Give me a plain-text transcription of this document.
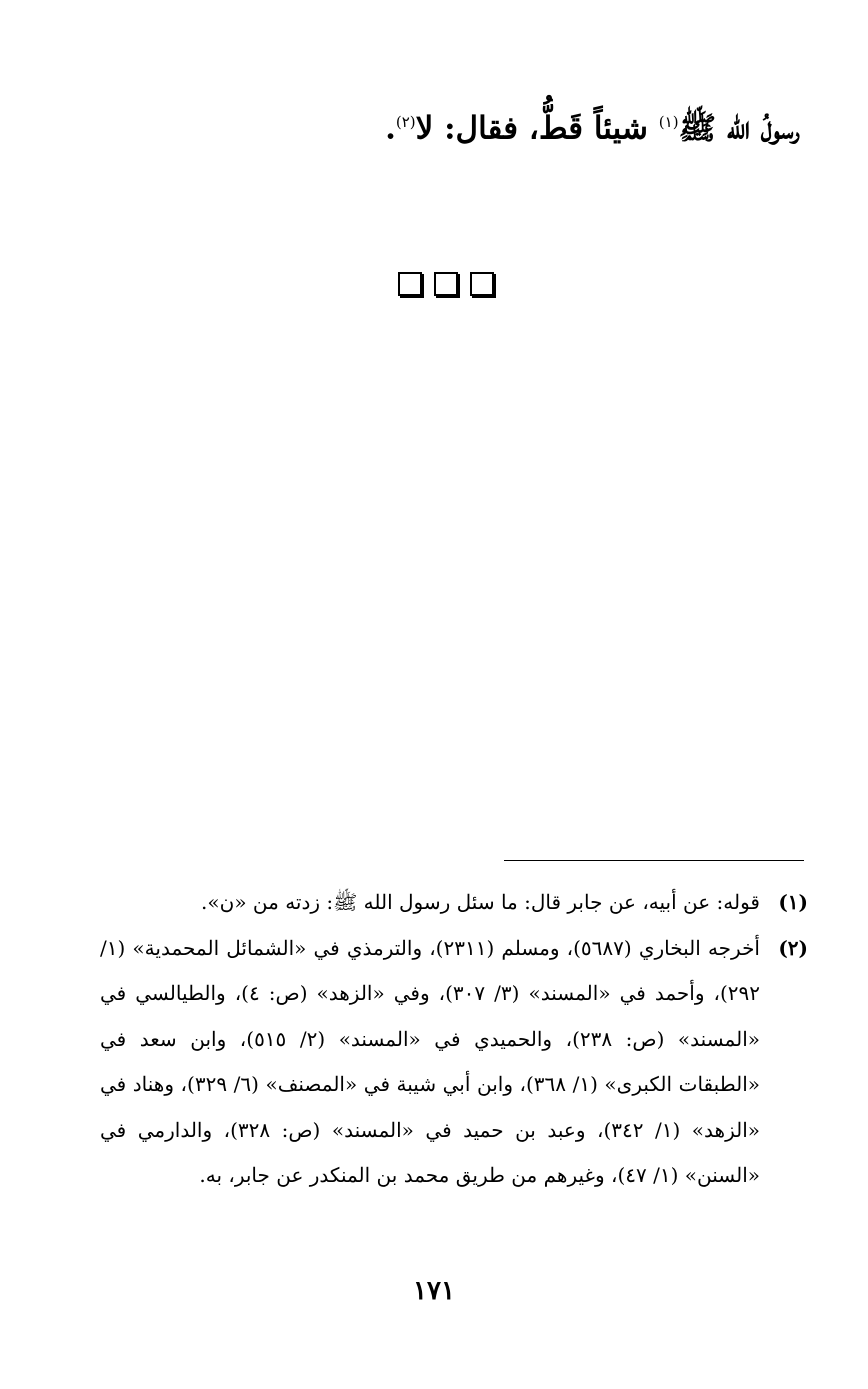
رسولُ الله ﷺ$^{(١)}$ شيئاً قَطُّ، فقال: لا$^{(٢)}$.
(١)
قوله: عن أبيه، عن جابر قال: ما سئل رسول الله ﷺ: زدته من «ن».
(٢)
أخرجه البخاري (٥٦٨٧)، ومسلم (٢٣١١)، والترمذي في «الشمائل المحمدية» (١/ ٢٩٢)، وأحمد في «المسند» (٣/ ٣٠٧)، وفي «الزهد» (ص: ٤)، والطيالسي في «المسند» (ص: ٢٣٨)، والحميدي في «المسند» (٢/ ٥١٥)، وابن سعد في «الطبقات الكبرى» (١/ ٣٦٨)، وابن أبي شيبة في «المصنف» (٦/ ٣٢٩)، وهناد في «الزهد» (١/ ٣٤٢)، وعبد بن حميد في «المسند» (ص: ٣٢٨)، والدارمي في «السنن» (١/ ٤٧)، وغيرهم من طريق محمد بن المنكدر عن جابر، به.
١٧١
